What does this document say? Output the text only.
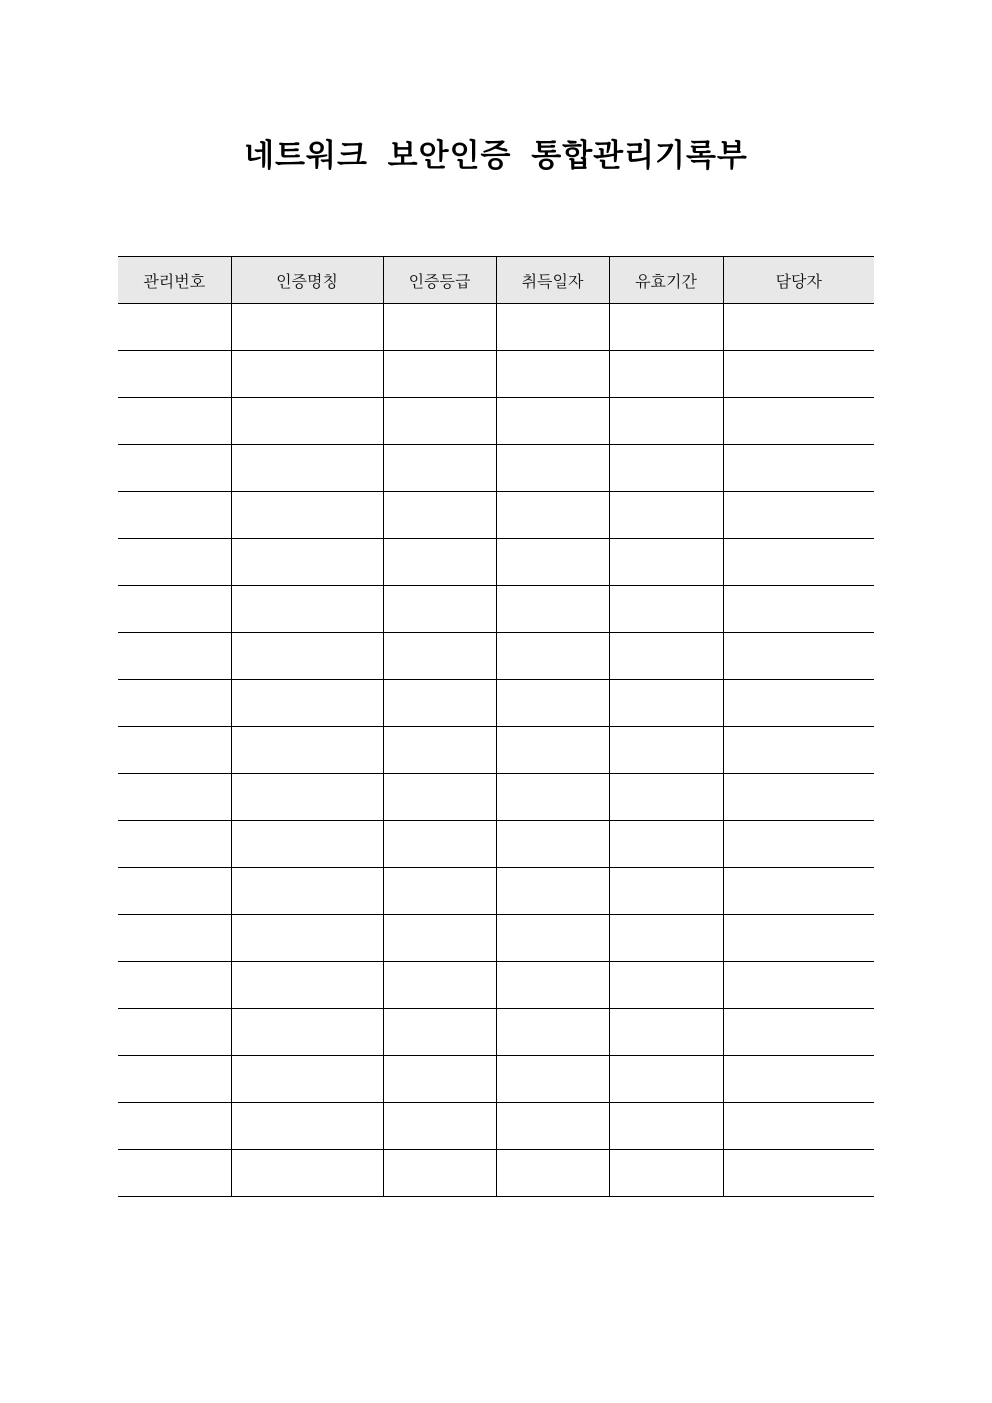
네트워크 보안인증 통합관리기록부
관리번호	인증명칭	인증등급	취득일자	유효기간	담당자
